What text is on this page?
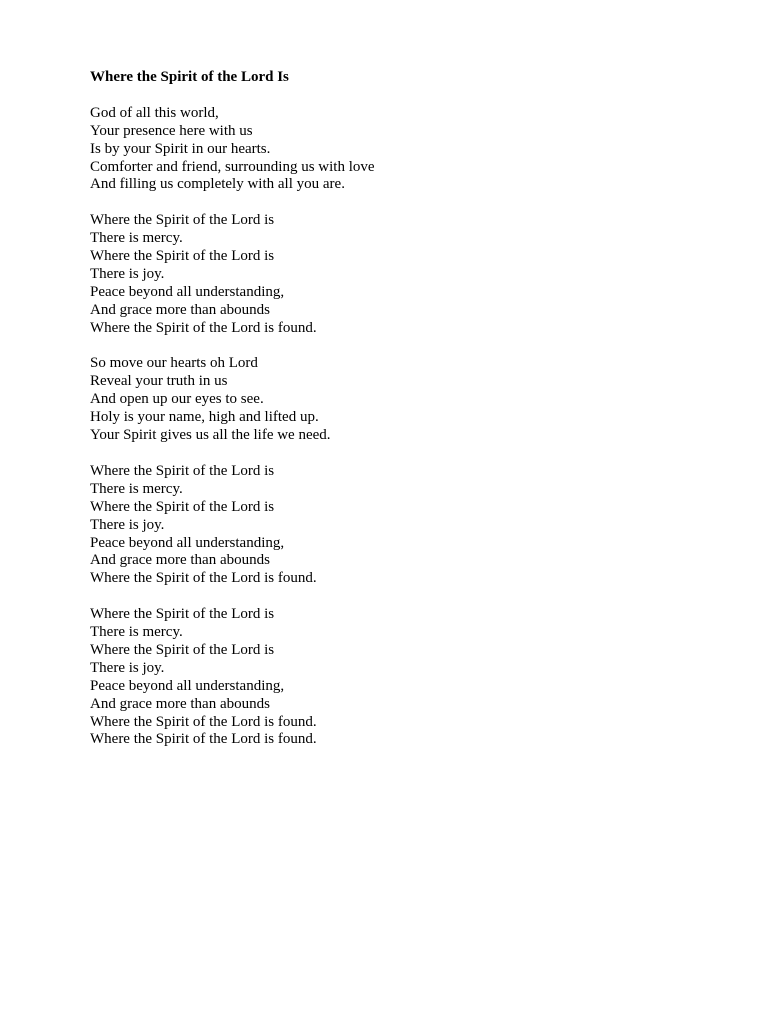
Where the Spirit of the Lord Is
God of all this world,
Your presence here with us
Is by your Spirit in our hearts.
Comforter and friend, surrounding us with love
And filling us completely with all you are.
Where the Spirit of the Lord is
There is mercy.
Where the Spirit of the Lord is
There is joy.
Peace beyond all understanding,
And grace more than abounds
Where the Spirit of the Lord is found.
So move our hearts oh Lord
Reveal your truth in us
And open up our eyes to see.
Holy is your name, high and lifted up.
Your Spirit gives us all the life we need.
Where the Spirit of the Lord is
There is mercy.
Where the Spirit of the Lord is
There is joy.
Peace beyond all understanding,
And grace more than abounds
Where the Spirit of the Lord is found.
Where the Spirit of the Lord is
There is mercy.
Where the Spirit of the Lord is
There is joy.
Peace beyond all understanding,
And grace more than abounds
Where the Spirit of the Lord is found.
Where the Spirit of the Lord is found.
